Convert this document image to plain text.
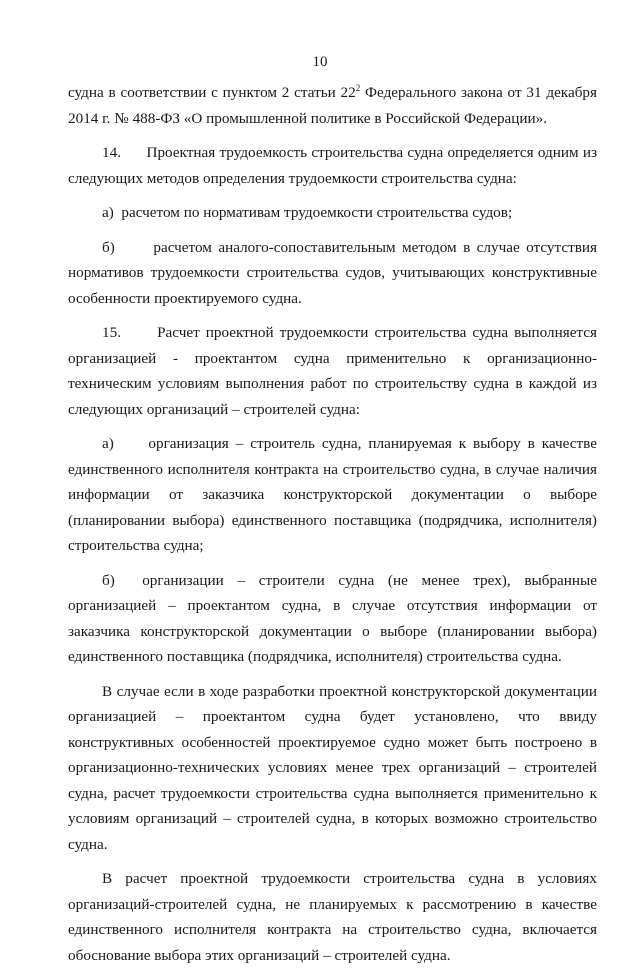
10

судна в соответствии с пунктом 2 статьи $22^2$ Федерального закона от 31 декабря 2014 г. № 488-ФЗ «О промышленной политике в Российской Федерации».

14.      Проектная трудоемкость строительства судна определяется одним из следующих методов определения трудоемкости строительства судна:

а)  расчетом по нормативам трудоемкости строительства судов;

б)      расчетом аналого-сопоставительным методом в случае отсутствия нормативов трудоемкости строительства судов, учитывающих конструктивные особенности проектируемого судна.

15.      Расчет проектной трудоемкости строительства судна выполняется организацией - проектантом судна применительно к организационно-техническим условиям выполнения работ по строительству судна в каждой из следующих организаций – строителей судна:

а)     организация – строитель судна, планируемая к выбору в качестве единственного исполнителя контракта на строительство судна, в случае наличия информации от заказчика конструкторской документации о выборе (планировании выбора) единственного поставщика (подрядчика, исполнителя) строительства судна;

б)  организации – строители судна (не менее трех), выбранные организацией – проектантом судна, в случае отсутствия информации от заказчика конструкторской документации о выборе (планировании выбора) единственного поставщика (подрядчика, исполнителя) строительства судна.

В случае если в ходе разработки проектной конструкторской документации организацией – проектантом судна будет установлено, что ввиду конструктивных особенностей проектируемое судно может быть построено в организационно-технических условиях менее трех организаций – строителей судна, расчет трудоемкости строительства судна выполняется применительно к условиям организаций – строителей судна, в которых возможно строительство судна.

В расчет проектной трудоемкости строительства судна в условиях организаций-строителей судна, не планируемых к рассмотрению в качестве единственного исполнителя контракта на строительство судна, включается обоснование выбора этих организаций – строителей судна.
